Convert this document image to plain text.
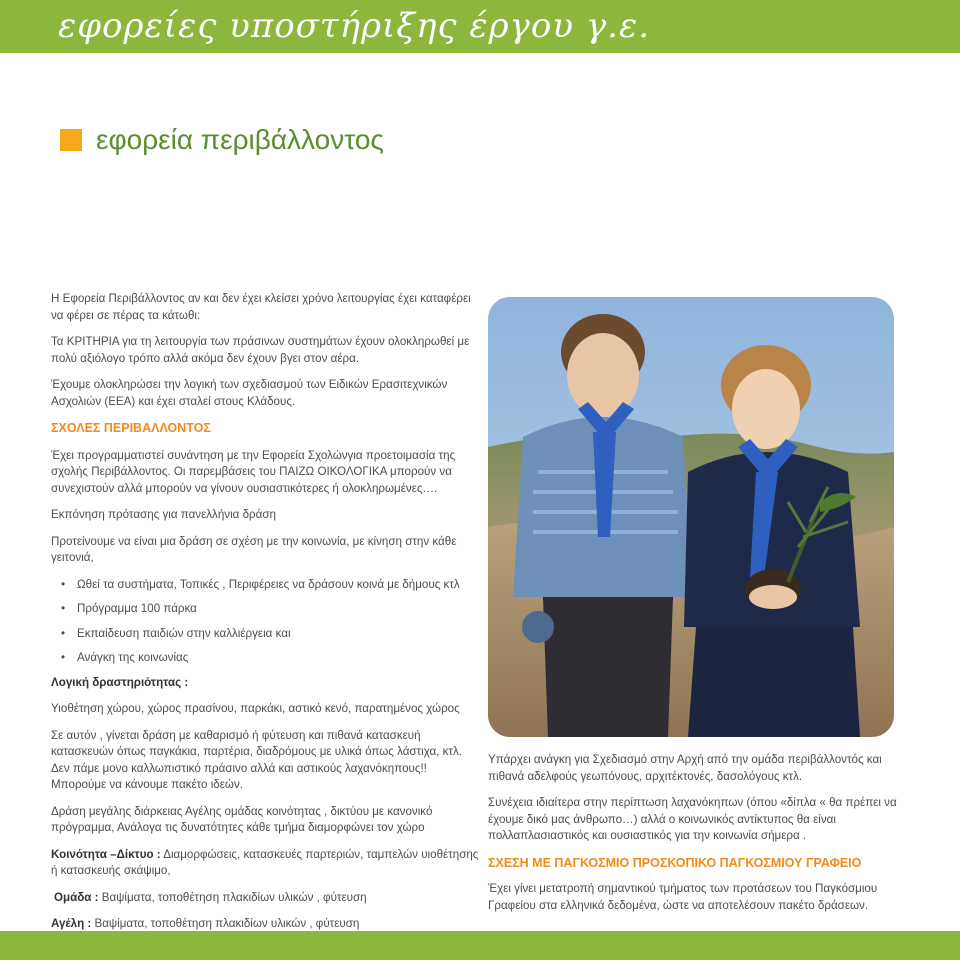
εφορείες υποστήριξης έργου γ.ε.
εφορεία περιβάλλοντος

Η Εφορεία Περιβάλλοντος αν και δεν έχει κλείσει χρόνο λειτουργίας έχει καταφέρει να φέρει σε πέρας τα κάτωθι:

Τα ΚΡΙΤΗΡΙΑ για τη λειτουργία των πράσινων συστημάτων έχουν ολοκληρωθεί με πολύ αξιόλογο τρόπο αλλά ακόμα δεν έχουν βγει στον αέρα.

Έχουμε ολοκληρώσει την λογική των σχεδιασμού των Ειδικών Ερασιτεχνικών Ασχολιών (ΕΕΑ) και έχει σταλεί στους Κλάδους.

ΣΧΟΛΕΣ ΠΕΡΙΒΑΛΛΟΝΤΟΣ

Έχει προγραμματιστεί συνάντηση με την Εφορεία Σχολώνγια προετοιμασία της σχολής Περιβάλλοντος. Οι παρεμβάσεις του ΠΑΙΖΩ ΟΙΚΟΛΟΓΙΚΑ μπορούν να συνεχιστούν αλλά μπορούν να γίνουν ουσιαστικότερες ή ολοκληρωμένες….

Εκπόνηση πρότασης για πανελλήνια δράση

Προτείνουμε να είναι μια δράση σε σχέση με την κοινωνία, με κίνηση στην κάθε γειτονιά,

• Ωθεί τα συστήματα, Τοπικές , Περιφέρειες να δράσουν κοινά με δήμους κτλ
• Πρόγραμμα 100 πάρκα
• Εκπαίδευση παιδιών στην καλλιέργεια και
• Ανάγκη της κοινωνίας

Λογική δραστηριότητας :

Υιοθέτηση χώρου, χώρος πρασίνου, παρκάκι, αστικό κενό, παρατημένος χώρος

Σε αυτόν , γίνεται δράση με καθαρισμό ή φύτευση και πιθανά κατασκευή κατασκευών όπως παγκάκια, παρτέρια, διαδρόμους με υλικά όπως λάστιχα, κτλ. Δεν πάμε μονο καλλωπιστικό πράσινο αλλά και αστικούς λαχανόκηπους!! Μπορούμε να κάνουμε πακέτο ιδεών.

Δράση μεγάλης διάρκειας Αγέλης ομάδας κοινότητας , δικτύου με κανονικό πρόγραμμα, Ανάλογα τις δυνατότητες κάθε τμήμα διαμορφώνει τον χώρο

Κοινότητα –Δίκτυο : Διαμορφώσεις, κατασκευές παρτεριών, ταμπελών υιοθέτησης ή κατασκευής σκάψιμο,

Ομάδα : Βαψίματα, τοποθέτηση πλακιδίων υλικών , φύτευση

Αγέλη : Βαψίματα, τοποθέτηση πλακιδίων υλικών , φύτευση

Υπάρχει ανάγκη για Σχεδιασμό στην Αρχή από την ομάδα περιβάλλοντός και πιθανά αδελφούς γεωπόνους, αρχιτέκτονές, δασολόγους κτλ.

Συνέχεια ιδιαίτερα στην περίπτωση λαχανόκηπων (όπου «δίπλα « θα πρέπει να έχουμε δικό μας άνθρωπο…) αλλά ο κοινωνικός αντίκτυπος θα είναι πολλαπλασιαστικός και ουσιαστικός για την κοινωνία σήμερα .

ΣΧΕΣΗ ΜΕ ΠΑΓΚΟΣΜΙΟ ΠΡΟΣΚΟΠΙΚΟ ΠΑΓΚΟΣΜΙΟΥ ΓΡΑΦΕΙΟ

Έχει γίνει μετατροπή σημαντικού τμήματος των προτάσεων του Παγκόσμιου Γραφείου στα ελληνικά δεδομένα, ώστε να αποτελέσουν πακέτο δράσεων.
